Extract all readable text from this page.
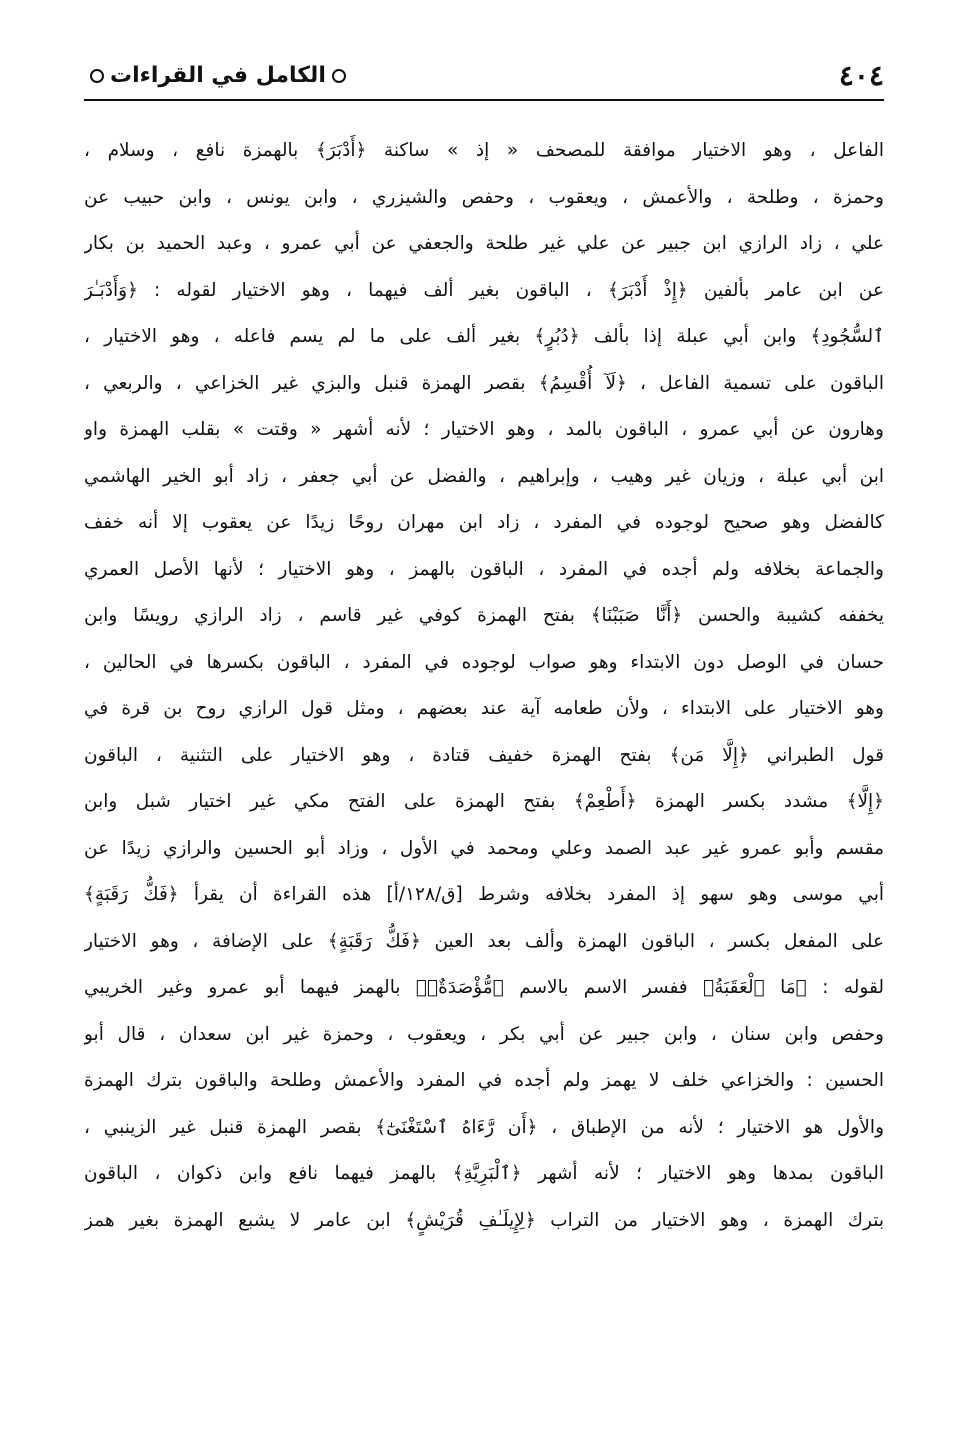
٤٠٤
الكامل في القراءات
الفاعل ، وهو الاختيار موافقة للمصحف « إذ » ساكنة ﴿أَدْبَرَ﴾ بالهمزة نافع ، وسلام ،
وحمزة ، وطلحة ، والأعمش ، ويعقوب ، وحفص والشيزري ، وابن يونس ، وابن حبيب عن
علي ، زاد الرازي ابن جبير عن علي غير طلحة والجعفي عن أبي عمرو ، وعبد الحميد بن بكار
عن ابن عامر بألفين ﴿إِذْ أَدْبَرَ﴾ ، الباقون بغير ألف فيهما ، وهو الاختيار لقوله : ﴿وَأَدْبَـٰرَ
ٱلسُّجُودِ﴾ وابن أبي عبلة إذا بألف ﴿دُبُرٍ﴾ بغير ألف على ما لم يسم فاعله ، وهو الاختيار ،
الباقون على تسمية الفاعل ، ﴿لَآ أُقْسِمُ﴾ بقصر الهمزة قنبل والبزي غير الخزاعي ، والربعي ،
وهارون عن أبي عمرو ، الباقون بالمد ، وهو الاختيار ؛ لأنه أشهر « وقتت » بقلب الهمزة واو
ابن أبي عبلة ، وزيان غير وهيب ، وإبراهيم ، والفضل عن أبي جعفر ، زاد أبو الخير الهاشمي
كالفضل وهو صحيح لوجوده في المفرد ، زاد ابن مهران روحًا زيدًا عن يعقوب إلا أنه خفف
والجماعة بخلافه ولم أجده في المفرد ، الباقون بالهمز ، وهو الاختيار ؛ لأنها الأصل العمري
يخففه كشيبة والحسن ﴿أَنَّا صَبَبْنَا﴾ بفتح الهمزة كوفي غير قاسم ، زاد الرازي رويسًا وابن
حسان في الوصل دون الابتداء وهو صواب لوجوده في المفرد ، الباقون بكسرها في الحالين ،
وهو الاختيار على الابتداء ، ولأن طعامه آية عند بعضهم ، ومثل قول الرازي روح بن قرة في
قول الطبراني ﴿إِلَّا مَن﴾ بفتح الهمزة خفيف قتادة ، وهو الاختيار على التثنية ، الباقون
﴿إِلَّا﴾ مشدد بكسر الهمزة ﴿أَطْعِمْ﴾ بفتح الهمزة على الفتح مكي غير اختيار شبل وابن
مقسم وأبو عمرو غير عبد الصمد وعلي ومحمد في الأول ، وزاد أبو الحسين والرازي زيدًا عن
أبي موسى وهو سهو إذ المفرد بخلافه وشرط [ق/١٢٨/أ] هذه القراءة أن يقرأ ﴿فَكُّ رَقَبَةٍ﴾
على المفعل بكسر ، الباقون الهمزة وألف بعد العين ﴿فَكُّ رَقَبَةٍ﴾ على الإضافة ، وهو الاختيار
لقوله : ﴿مَا ٱلْعَقَبَةُ﴾ ففسر الاسم بالاسم ﴿مُّؤْصَدَةٌۢ﴾ بالهمز فيهما أبو عمرو وغير الخريبي
وحفص وابن سنان ، وابن جبير عن أبي بكر ، ويعقوب ، وحمزة غير ابن سعدان ، قال أبو
الحسين : والخزاعي خلف لا يهمز ولم أجده في المفرد والأعمش وطلحة والباقون بترك الهمزة
والأول هو الاختيار ؛ لأنه من الإطباق ، ﴿أَن رَّءَاهُ ٱسْتَغْنَىٰٓ﴾ بقصر الهمزة قنبل غير الزينبي ،
الباقون بمدها وهو الاختيار ؛ لأنه أشهر ﴿ٱلْبَرِيَّةِ﴾ بالهمز فيهما نافع وابن ذكوان ، الباقون
بترك الهمزة ، وهو الاختيار من التراب ﴿لِإِيلَـٰفِ قُرَيْشٍ﴾ ابن عامر لا يشبع الهمزة بغير همز
